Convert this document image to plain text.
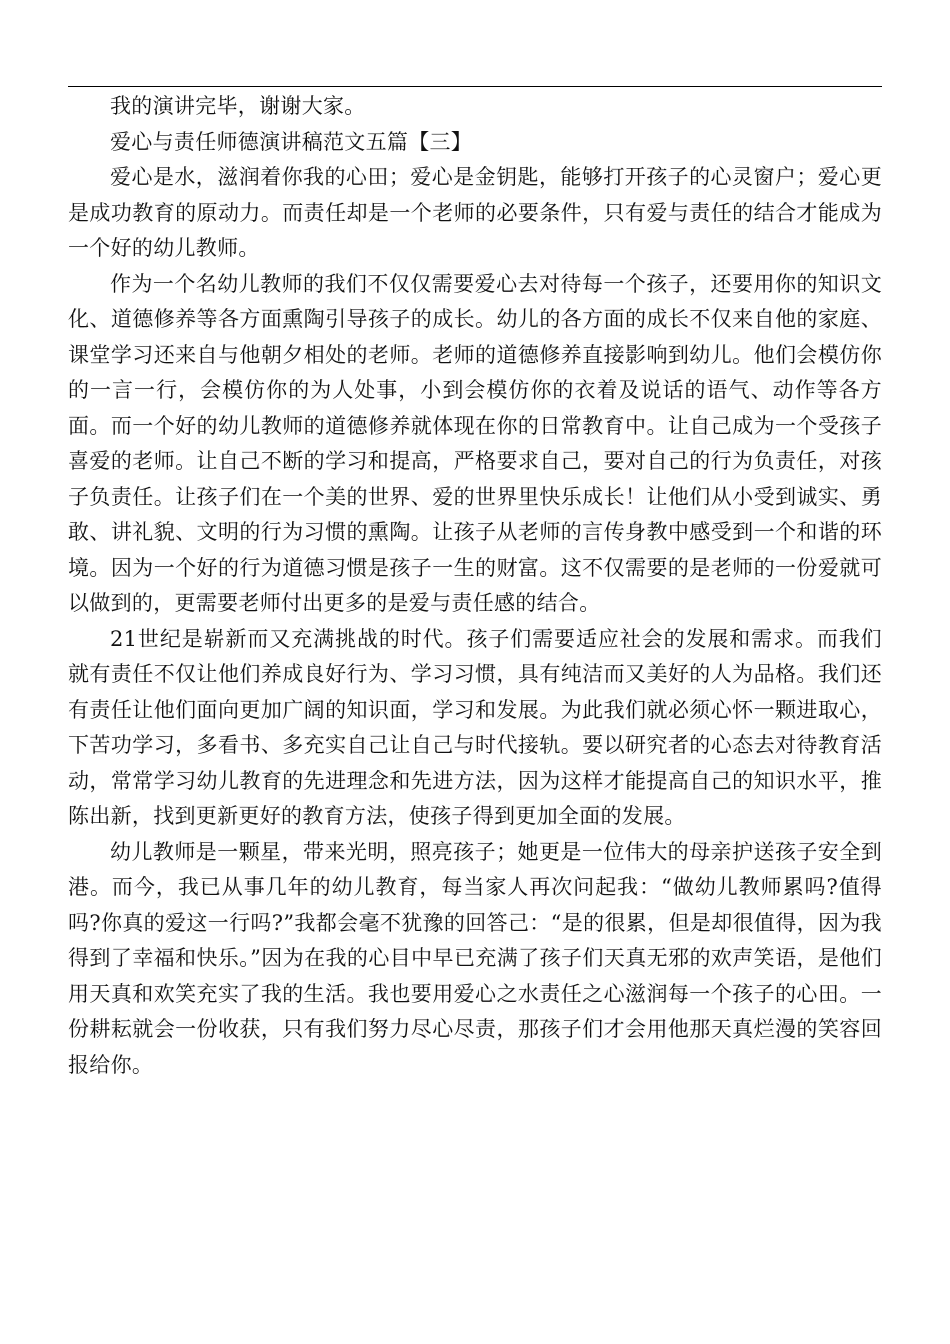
我的演讲完毕，谢谢大家。

爱心与责任师德演讲稿范文五篇【三】

爱心是水，滋润着你我的心田；爱心是金钥匙，能够打开孩子的心灵窗户；爱心更是成功教育的原动力。而责任却是一个老师的必要条件，只有爱与责任的结合才能成为一个好的幼儿教师。

作为一个名幼儿教师的我们不仅仅需要爱心去对待每一个孩子，还要用你的知识文化、道德修养等各方面熏陶引导孩子的成长。幼儿的各方面的成长不仅来自他的家庭、课堂学习还来自与他朝夕相处的老师。老师的道德修养直接影响到幼儿。他们会模仿你的一言一行，会模仿你的为人处事，小到会模仿你的衣着及说话的语气、动作等各方面。而一个好的幼儿教师的道德修养就体现在你的日常教育中。让自己成为一个受孩子喜爱的老师。让自己不断的学习和提高，严格要求自己，要对自己的行为负责任，对孩子负责任。让孩子们在一个美的世界、爱的世界里快乐成长！让他们从小受到诚实、勇敢、讲礼貌、文明的行为习惯的熏陶。让孩子从老师的言传身教中感受到一个和谐的环境。因为一个好的行为道德习惯是孩子一生的财富。这不仅需要的是老师的一份爱就可以做到的，更需要老师付出更多的是爱与责任感的结合。

21世纪是崭新而又充满挑战的时代。孩子们需要适应社会的发展和需求。而我们就有责任不仅让他们养成良好行为、学习习惯，具有纯洁而又美好的人为品格。我们还有责任让他们面向更加广阔的知识面，学习和发展。为此我们就必须心怀一颗进取心，下苦功学习，多看书、多充实自己让自己与时代接轨。要以研究者的心态去对待教育活动，常常学习幼儿教育的先进理念和先进方法，因为这样才能提高自己的知识水平，推陈出新，找到更新更好的教育方法，使孩子得到更加全面的发展。

幼儿教师是一颗星，带来光明，照亮孩子；她更是一位伟大的母亲护送孩子安全到港。而今，我已从事几年的幼儿教育，每当家人再次问起我：“做幼儿教师累吗?值得吗?你真的爱这一行吗?”我都会毫不犹豫的回答己：“是的很累，但是却很值得，因为我得到了幸福和快乐。”因为在我的心目中早已充满了孩子们天真无邪的欢声笑语，是他们用天真和欢笑充实了我的生活。我也要用爱心之水责任之心滋润每一个孩子的心田。一份耕耘就会一份收获，只有我们努力尽心尽责，那孩子们才会用他那天真烂漫的笑容回报给你。
